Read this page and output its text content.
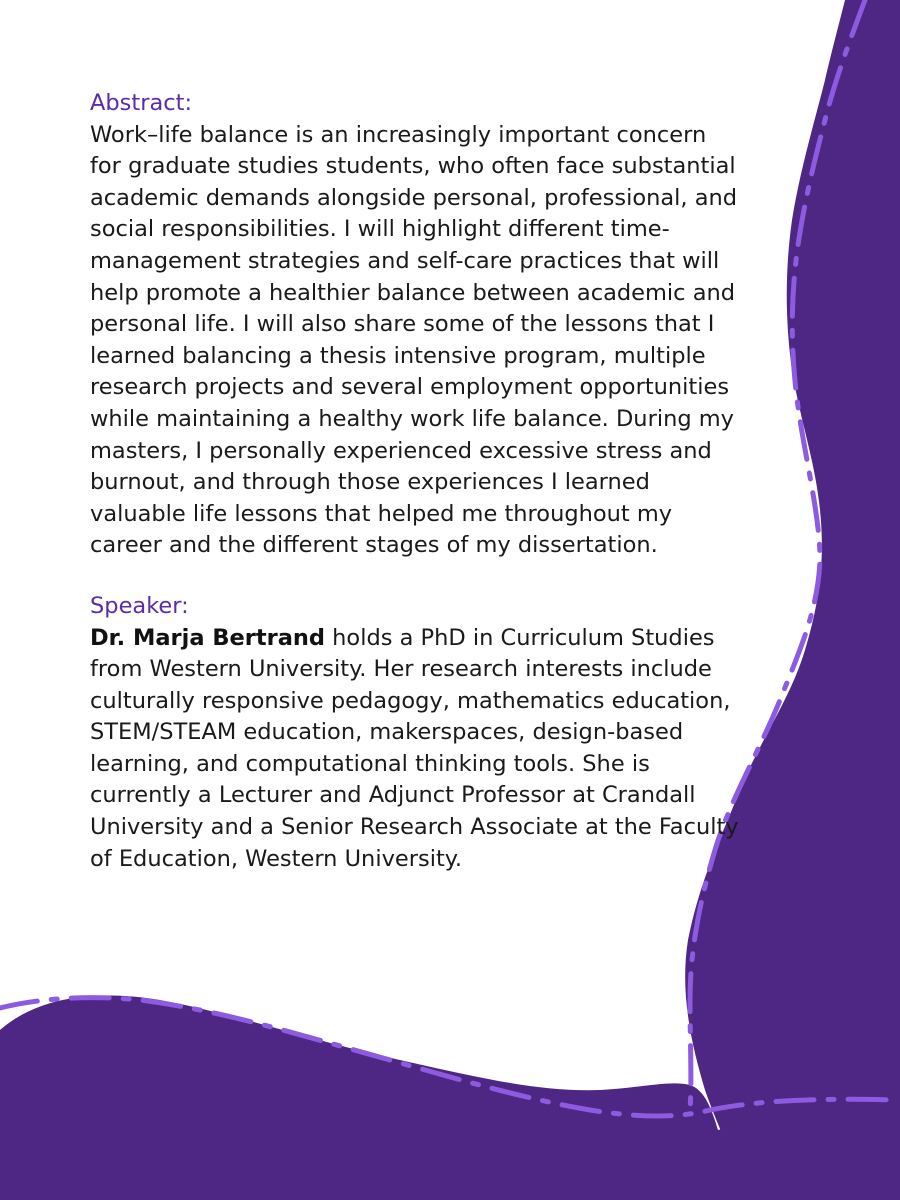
Abstract:

Work–life balance is an increasingly important concern for graduate studies students, who often face substantial academic demands alongside personal, professional, and social responsibilities. I will highlight different time-management strategies and self-care practices that will help promote a healthier balance between academic and personal life. I will also share some of the lessons that I learned balancing a thesis intensive program, multiple research projects and several employment opportunities while maintaining a healthy work life balance. During my masters, I personally experienced excessive stress and burnout, and through those experiences I learned valuable life lessons that helped me throughout my career and the different stages of my dissertation.

Speaker:

Dr. Marja Bertrand holds a PhD in Curriculum Studies from Western University. Her research interests include culturally responsive pedagogy, mathematics education, STEM/STEAM education, makerspaces, design-based learning, and computational thinking tools. She is currently a Lecturer and Adjunct Professor at Crandall University and a Senior Research Associate at the Faculty of Education, Western University.
